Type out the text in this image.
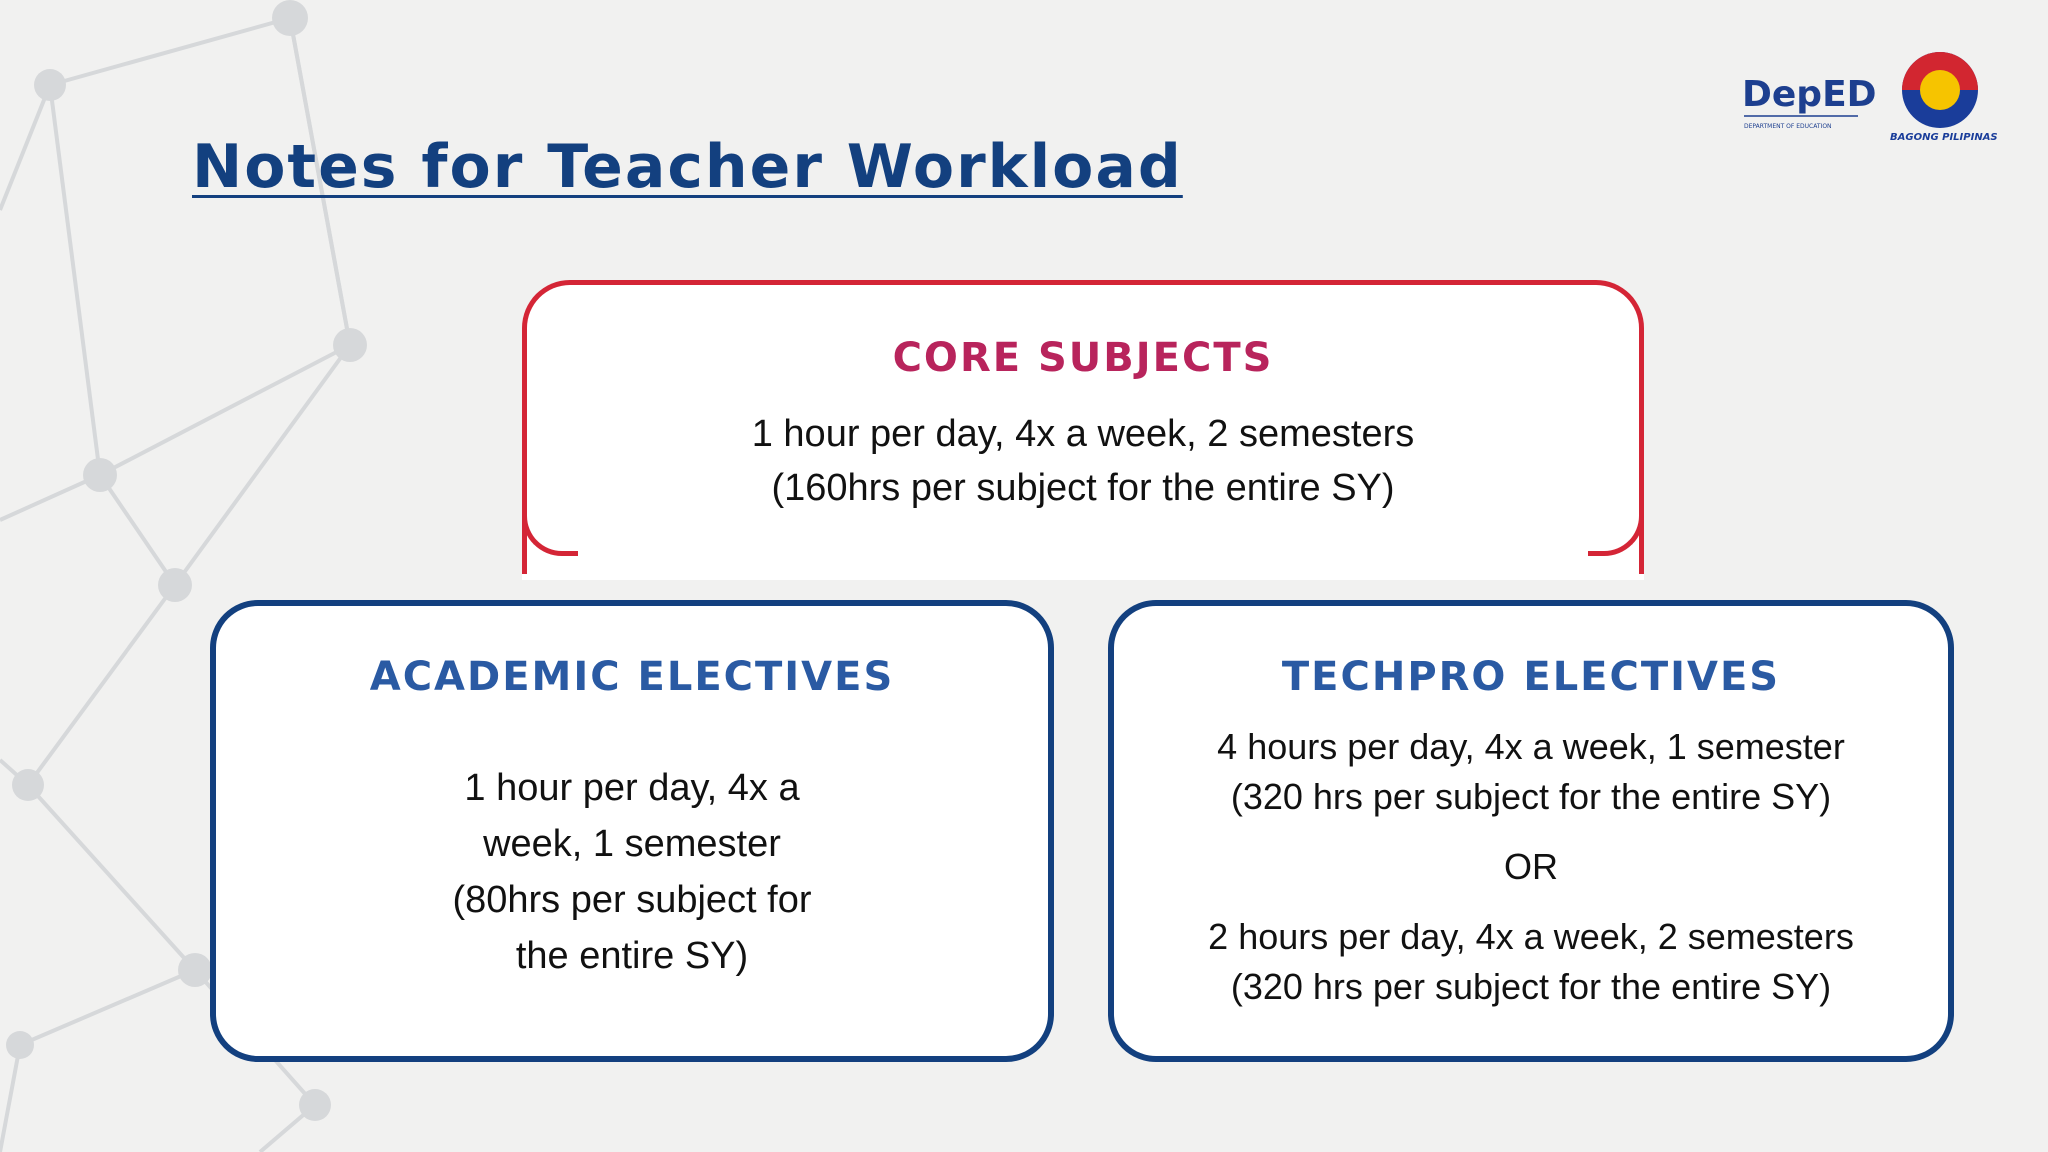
Notes for Teacher Workload
DepED
DEPARTMENT OF EDUCATION
BAGONG PILIPINAS
CORE SUBJECTS
1 hour per day, 4x a week, 2 semesters
(160hrs per subject for the entire SY)
ACADEMIC ELECTIVES
1 hour per day, 4x a
week, 1 semester
(80hrs per subject for
the entire SY)
TECHPRO ELECTIVES
4 hours per day, 4x a week, 1 semester
(320 hrs per subject for the entire SY)
OR
2 hours per day, 4x a week, 2 semesters
(320 hrs per subject for the entire SY)
